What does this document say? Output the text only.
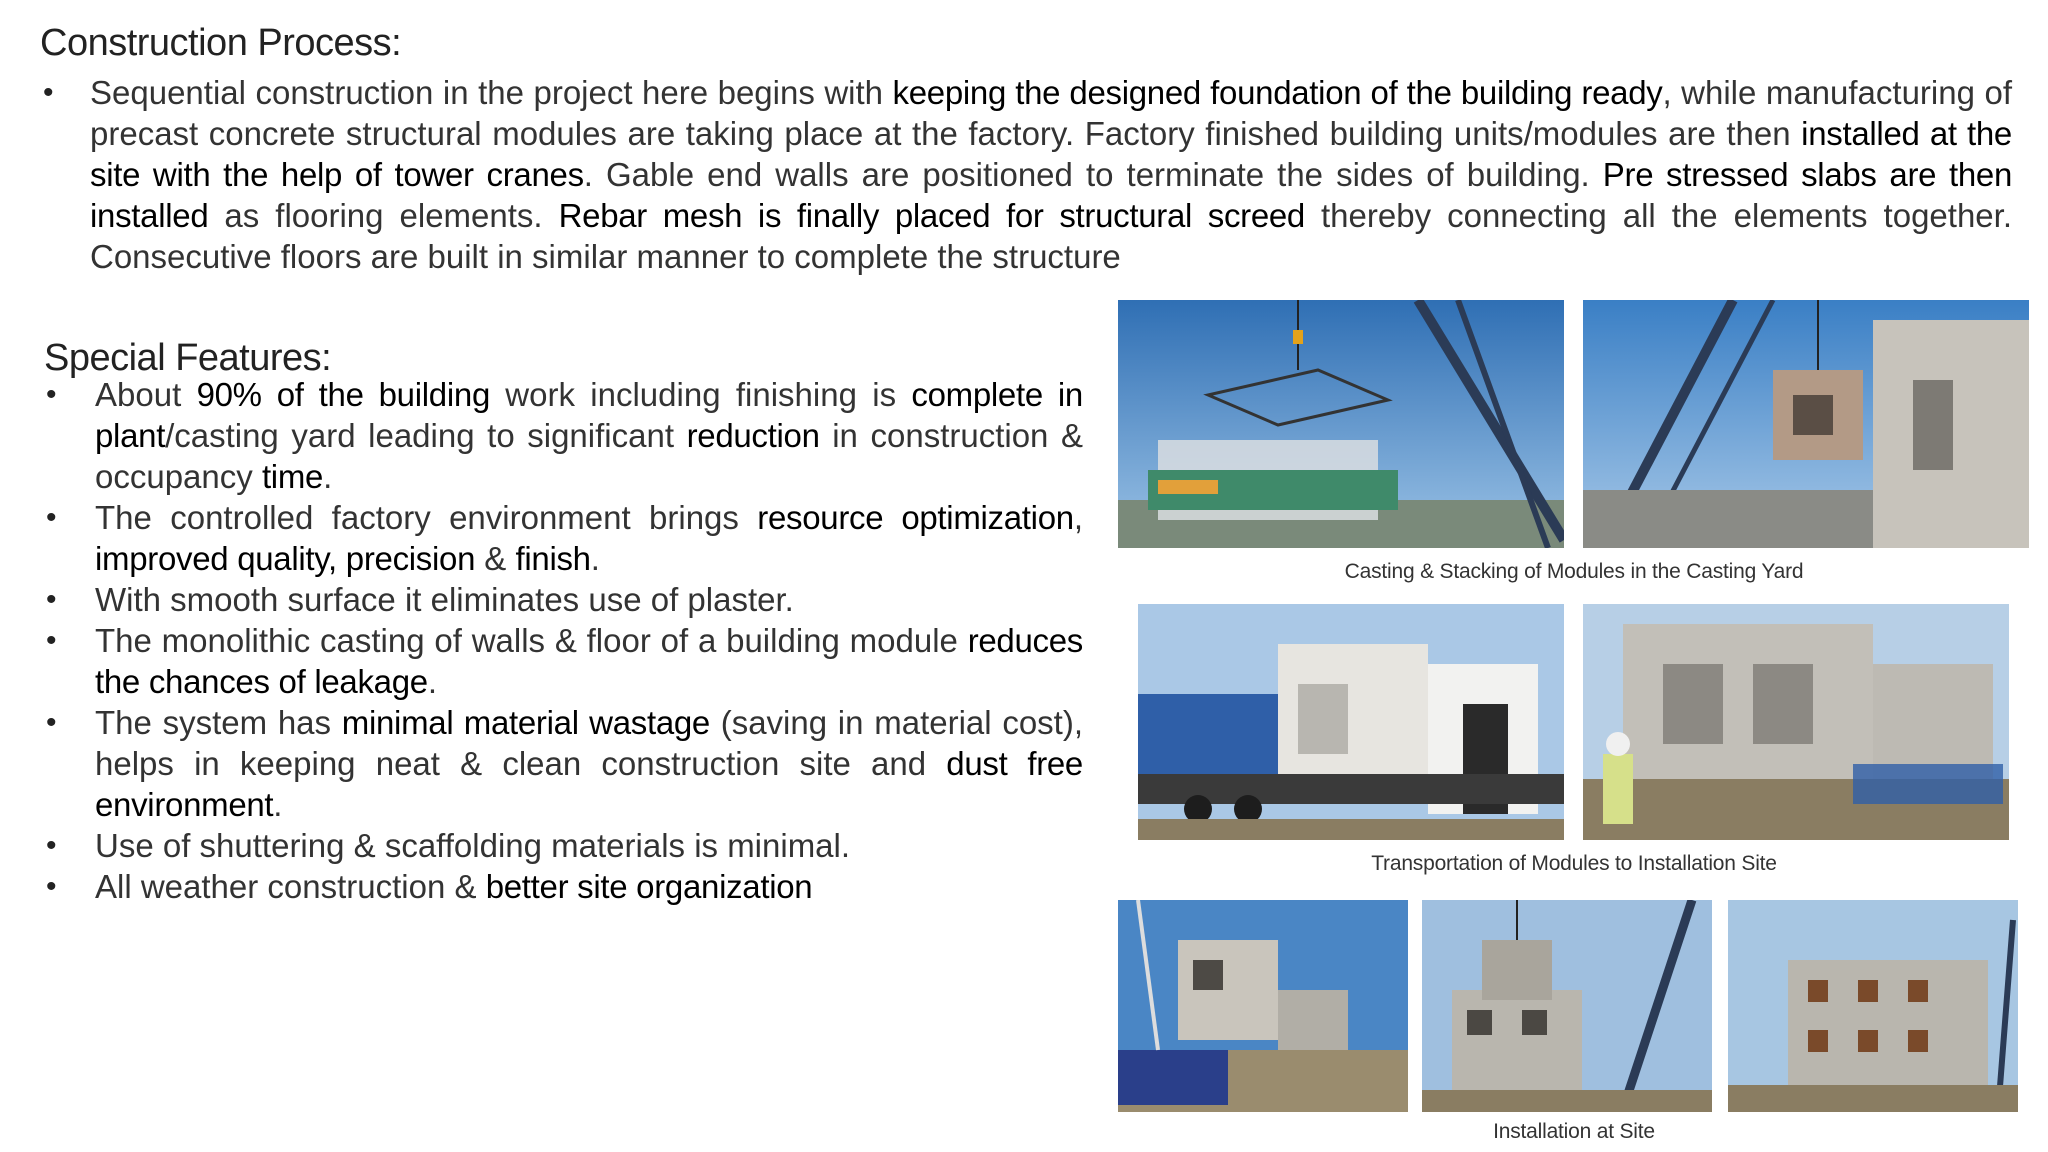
Construction Process:
• Sequential construction in the project here begins with keeping the designed foundation of the building ready, while manufacturing of precast concrete structural modules are taking place at the factory. Factory finished building units/modules are then installed at the site with the help of tower cranes. Gable end walls are positioned to terminate the sides of building. Pre stressed slabs are then installed as flooring elements. Rebar mesh is finally placed for structural screed thereby connecting all the elements together. Consecutive floors are built in similar manner to complete the structure
Special Features:
• About 90% of the building work including finishing is complete in plant/casting yard leading to significant reduction in construction & occupancy time.
• The controlled factory environment brings resource optimization, improved quality, precision & finish.
• With smooth surface it eliminates use of plaster.
• The monolithic casting of walls & floor of a building module reduces the chances of leakage.
• The system has minimal material wastage (saving in material cost), helps in keeping neat & clean construction site and dust free environment.
• Use of shuttering & scaffolding materials is minimal.
• All weather construction & better site organization
Casting & Stacking of Modules in the Casting Yard
Transportation of Modules to Installation Site
Installation at Site
